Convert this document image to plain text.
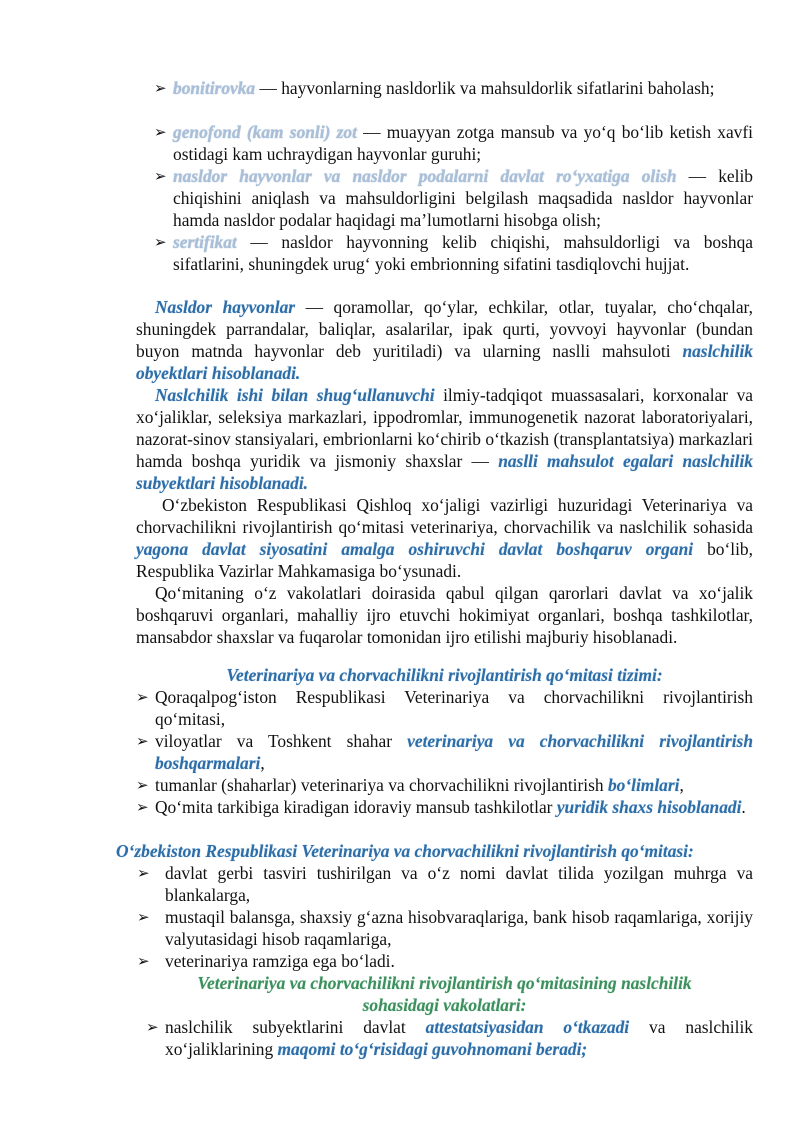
➢ bonitirovka — hayvonlarning nasldorlik va mahsuldorlik sifatlarini baholash;
➢ genofond (kam sonli) zot — muayyan zotga mansub va yo‘q bo‘lib ketish xavfi ostidagi kam uchraydigan hayvonlar guruhi;
➢ nasldor hayvonlar va nasldor podalarni davlat ro‘yxatiga olish — kelib chiqishini aniqlash va mahsuldorligini belgilash maqsadida nasldor hayvonlar hamda nasldor podalar haqidagi ma’lumotlarni hisobga olish;
➢ sertifikat — nasldor hayvonning kelib chiqishi, mahsuldorligi va boshqa sifatlarini, shuningdek urug‘ yoki embrionning sifatini tasdiqlovchi hujjat.
Nasldor hayvonlar — qoramollar, qo‘ylar, echkilar, otlar, tuyalar, cho‘chqalar, shuningdek parrandalar, baliqlar, asalarilar, ipak qurti, yovvoyi hayvonlar (bundan buyon matnda hayvonlar deb yuritiladi) va ularning naslli mahsuloti naslchilik obyektlari hisoblanadi.
Naslchilik ishi bilan shug‘ullanuvchi ilmiy-tadqiqot muassasalari, korxonalar va xo‘jaliklar, seleksiya markazlari, ippodromlar, immunogenetik nazorat laboratoriyalari, nazorat-sinov stansiyalari, embrionlarni ko‘chirib o‘tkazish (transplantatsiya) markazlari hamda boshqa yuridik va jismoniy shaxslar — naslli mahsulot egalari naslchilik subyektlari hisoblanadi.
O‘zbekiston Respublikasi Qishloq xo‘jaligi vazirligi huzuridagi Veterinariya va chorvachilikni rivojlantirish qo‘mitasi veterinariya, chorvachilik va naslchilik sohasida yagona davlat siyosatini amalga oshiruvchi davlat boshqaruv organi bo‘lib, Respublika Vazirlar Mahkamasiga bo‘ysunadi.
Qo‘mitaning o‘z vakolatlari doirasida qabul qilgan qarorlari davlat va xo‘jalik boshqaruvi organlari, mahalliy ijro etuvchi hokimiyat organlari, boshqa tashkilotlar, mansabdor shaxslar va fuqarolar tomonidan ijro etilishi majburiy hisoblanadi.
Veterinariya va chorvachilikni rivojlantirish qo‘mitasi tizimi:
➢ Qoraqalpog‘iston Respublikasi Veterinariya va chorvachilikni rivojlantirish qo‘mitasi,
➢ viloyatlar va Toshkent shahar veterinariya va chorvachilikni rivojlantirish boshqarmalari,
➢ tumanlar (shaharlar) veterinariya va chorvachilikni rivojlantirish bo‘limlari,
➢ Qo‘mita tarkibiga kiradigan idoraviy mansub tashkilotlar yuridik shaxs hisoblanadi.
O‘zbekiston Respublikasi Veterinariya va chorvachilikni rivojlantirish qo‘mitasi:
➢ davlat gerbi tasviri tushirilgan va o‘z nomi davlat tilida yozilgan muhrga va blankalarga,
➢ mustaqil balansga, shaxsiy g‘azna hisobvaraqlariga, bank hisob raqamlariga, xorijiy valyutasidagi hisob raqamlariga,
➢ veterinariya ramziga ega bo‘ladi.
Veterinariya va chorvachilikni rivojlantirish qo‘mitasining naslchilik
sohasidagi vakolatlari:
➢ naslchilik subyektlarini davlat attestatsiyasidan o‘tkazadi va naslchilik xo‘jaliklarining maqomi to‘g‘risidagi guvohnomani beradi;
